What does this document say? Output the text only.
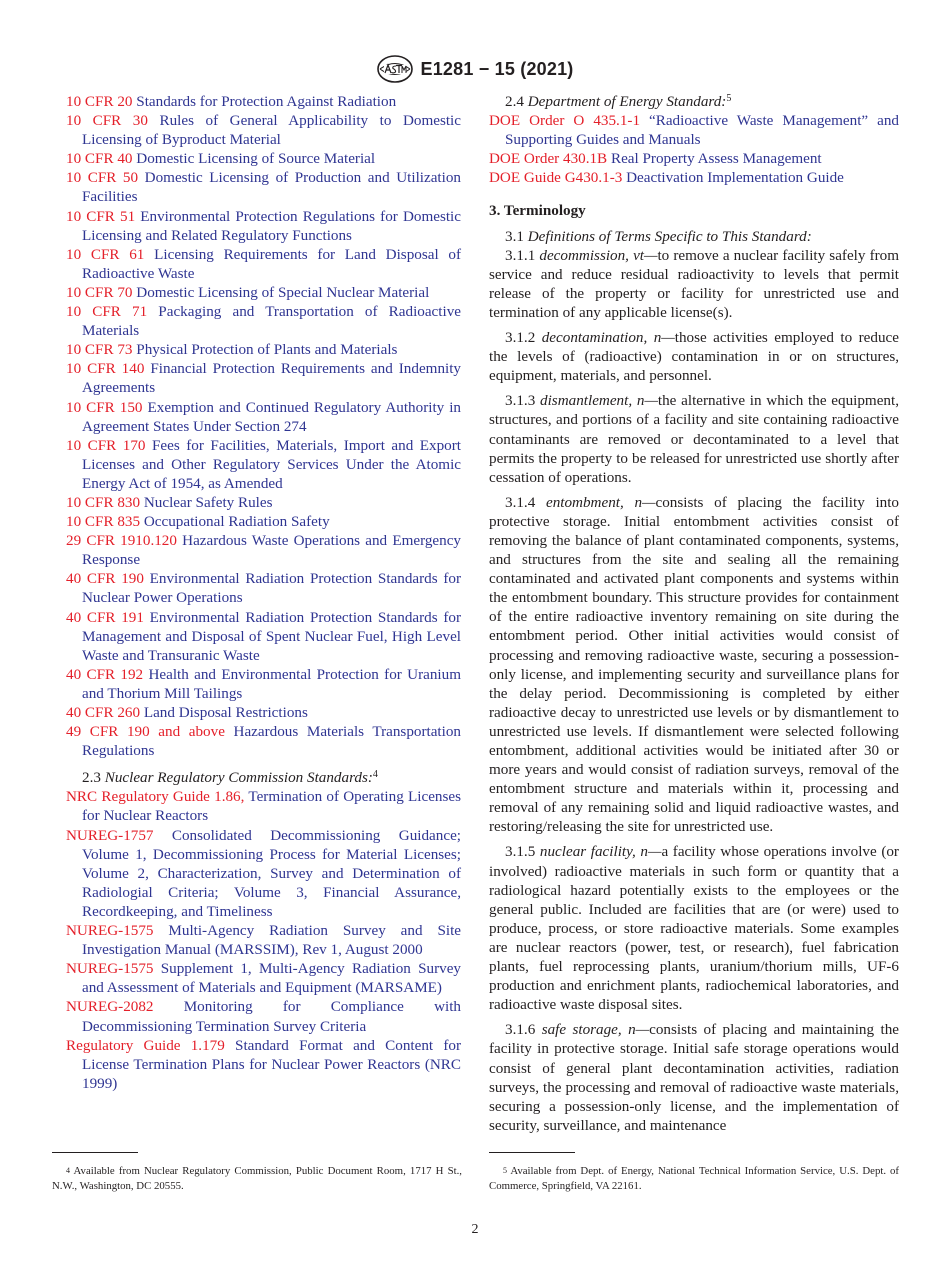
E1281 − 15 (2021)
10 CFR 20 Standards for Protection Against Radiation
10 CFR 30 Rules of General Applicability to Domestic Licensing of Byproduct Material
10 CFR 40 Domestic Licensing of Source Material
10 CFR 50 Domestic Licensing of Production and Utilization Facilities
10 CFR 51 Environmental Protection Regulations for Domestic Licensing and Related Regulatory Functions
10 CFR 61 Licensing Requirements for Land Disposal of Radioactive Waste
10 CFR 70 Domestic Licensing of Special Nuclear Material
10 CFR 71 Packaging and Transportation of Radioactive Materials
10 CFR 73 Physical Protection of Plants and Materials
10 CFR 140 Financial Protection Requirements and Indemnity Agreements
10 CFR 150 Exemption and Continued Regulatory Authority in Agreement States Under Section 274
10 CFR 170 Fees for Facilities, Materials, Import and Export Licenses and Other Regulatory Services Under the Atomic Energy Act of 1954, as Amended
10 CFR 830 Nuclear Safety Rules
10 CFR 835 Occupational Radiation Safety
29 CFR 1910.120 Hazardous Waste Operations and Emergency Response
40 CFR 190 Environmental Radiation Protection Standards for Nuclear Power Operations
40 CFR 191 Environmental Radiation Protection Standards for Management and Disposal of Spent Nuclear Fuel, High Level Waste and Transuranic Waste
40 CFR 192 Health and Environmental Protection for Uranium and Thorium Mill Tailings
40 CFR 260 Land Disposal Restrictions
49 CFR 190 and above Hazardous Materials Transportation Regulations
2.3 Nuclear Regulatory Commission Standards:$^4$
NRC Regulatory Guide 1.86, Termination of Operating Licenses for Nuclear Reactors
NUREG-1757 Consolidated Decommissioning Guidance; Volume 1, Decommissioning Process for Material Licenses; Volume 2, Characterization, Survey and Determination of Radiologial Criteria; Volume 3, Financial Assurance, Recordkeeping, and Timeliness
NUREG-1575 Multi-Agency Radiation Survey and Site Investigation Manual (MARSSIM), Rev 1, August 2000
NUREG-1575 Supplement 1, Multi-Agency Radiation Survey and Assessment of Materials and Equipment (MARSAME)
NUREG-2082 Monitoring for Compliance with Decommissioning Termination Survey Criteria
Regulatory Guide 1.179 Standard Format and Content for License Termination Plans for Nuclear Power Reactors (NRC 1999)
2.4 Department of Energy Standard:$^5$
DOE Order O 435.1-1 “Radioactive Waste Management” and Supporting Guides and Manuals
DOE Order 430.1B Real Property Assess Management
DOE Guide G430.1-3 Deactivation Implementation Guide
3. Terminology
3.1 Definitions of Terms Specific to This Standard:
3.1.1 decommission, vt—to remove a nuclear facility safely from service and reduce residual radioactivity to levels that permit release of the property or facility for unrestricted use and termination of any applicable license(s).
3.1.2 decontamination, n—those activities employed to reduce the levels of (radioactive) contamination in or on structures, equipment, materials, and personnel.
3.1.3 dismantlement, n—the alternative in which the equipment, structures, and portions of a facility and site containing radioactive contaminants are removed or decontaminated to a level that permits the property to be released for unrestricted use shortly after cessation of operations.
3.1.4 entombment, n—consists of placing the facility into protective storage. Initial entombment activities consist of removing the balance of plant contaminated components, systems, and structures from the site and sealing all the remaining contaminated and activated plant components and systems within the entombment boundary. This structure provides for containment of the entire radioactive inventory remaining on site during the entombment period. Other initial activities would consist of processing and removing radioactive waste, securing a possession-only license, and implementing security and surveillance plans for the delay period. Decommissioning is completed by either radioactive decay to unrestricted use levels or by dismantlement to unrestricted use levels. If dismantlement were selected following entombment, additional activities would be initiated after 30 or more years and would consist of radiation surveys, removal of the entombment structure and materials within it, processing and removal of any remaining solid and liquid radioactive wastes, and restoring/releasing the site for unrestricted use.
3.1.5 nuclear facility, n—a facility whose operations involve (or involved) radioactive materials in such form or quantity that a radiological hazard potentially exists to the employees or the general public. Included are facilities that are (or were) used to produce, process, or store radioactive materials. Some examples are nuclear reactors (power, test, or research), fuel fabrication plants, fuel reprocessing plants, uranium/thorium mills, UF-6 production and enrichment plants, radiochemical laboratories, and radioactive waste disposal sites.
3.1.6 safe storage, n—consists of placing and maintaining the facility in protective storage. Initial safe storage operations would consist of general plant decontamination activities, radiation surveys, the processing and removal of radioactive waste materials, securing a possession-only license, and the implementation of security, surveillance, and maintenance
$^4$ Available from Nuclear Regulatory Commission, Public Document Room, 1717 H St., N.W., Washington, DC 20555.
$^5$ Available from Dept. of Energy, National Technical Information Service, U.S. Dept. of Commerce, Springfield, VA 22161.
2
